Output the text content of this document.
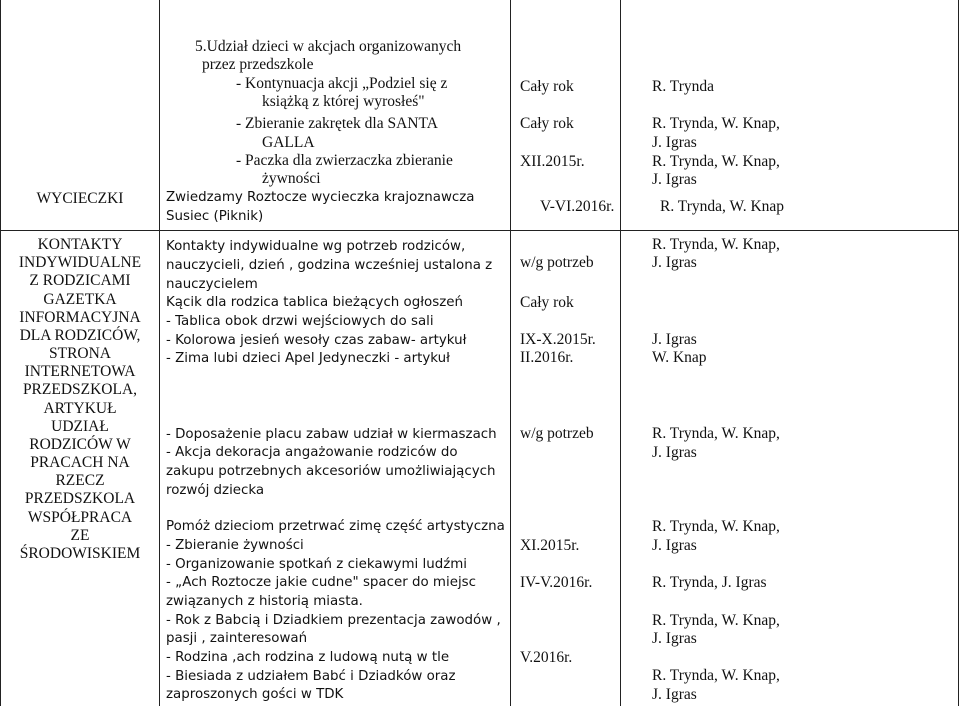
WYCIECZKI
KONTAKTY
INDYWIDUALNE
Z RODZICAMI
GAZETKA
INFORMACYJNA
DLA RODZICÓW,
STRONA
INTERNETOWA
PRZEDSZKOLA,
ARTYKUŁ
UDZIAŁ
RODZICÓW W
PRACACH NA
RZECZ
PRZEDSZKOLA
WSPÓŁPRACA
ZE
ŚRODOWISKIEM
5.Udział dzieci w akcjach organizowanych
przez przedszkole
- Kontynuacja akcji „Podziel się z
książką z której wyrosłeś"
- Zbieranie zakrętek dla SANTA
GALLA
- Paczka dla zwierzaczka zbieranie
żywności
Zwiedzamy Roztocze wycieczka krajoznawcza
Susiec (Piknik)
Kontakty indywidualne wg potrzeb rodziców,
nauczycieli, dzień , godzina wcześniej ustalona z
nauczycielem
Kącik dla rodzica tablica bieżących ogłoszeń
- Tablica obok drzwi wejściowych do sali
- Kolorowa jesień wesoły czas zabaw- artykuł
- Zima lubi dzieci Apel Jedyneczki - artykuł
- Doposażenie placu zabaw udział w kiermaszach
- Akcja dekoracja angażowanie rodziców do
zakupu potrzebnych akcesoriów umożliwiających
rozwój dziecka
Pomóż dzieciom przetrwać zimę część artystyczna
- Zbieranie żywności
- Organizowanie spotkań z ciekawymi ludźmi
- „Ach Roztocze jakie cudne" spacer do miejsc
związanych z historią miasta.
- Rok z Babcią i Dziadkiem prezentacja zawodów ,
pasji , zainteresowań
- Rodzina ,ach rodzina z ludową nutą w tle
- Biesiada z udziałem Babć i Dziadków oraz
zaproszonych gości w TDK
Cały rok
Cały rok
XII.2015r.
V-VI.2016r.
w/g potrzeb
Cały rok
IX-X.2015r.
II.2016r.
w/g potrzeb
XI.2015r.
IV-V.2016r.
V.2016r.
R. Trynda
R. Trynda, W. Knap,
J. Igras
R. Trynda, W. Knap,
J. Igras
R. Trynda, W. Knap
R. Trynda, W. Knap,
J. Igras
J. Igras
W. Knap
R. Trynda, W. Knap,
J. Igras
R. Trynda, W. Knap,
J. Igras
R. Trynda, J. Igras
R. Trynda, W. Knap,
J. Igras
R. Trynda, W. Knap,
J. Igras
